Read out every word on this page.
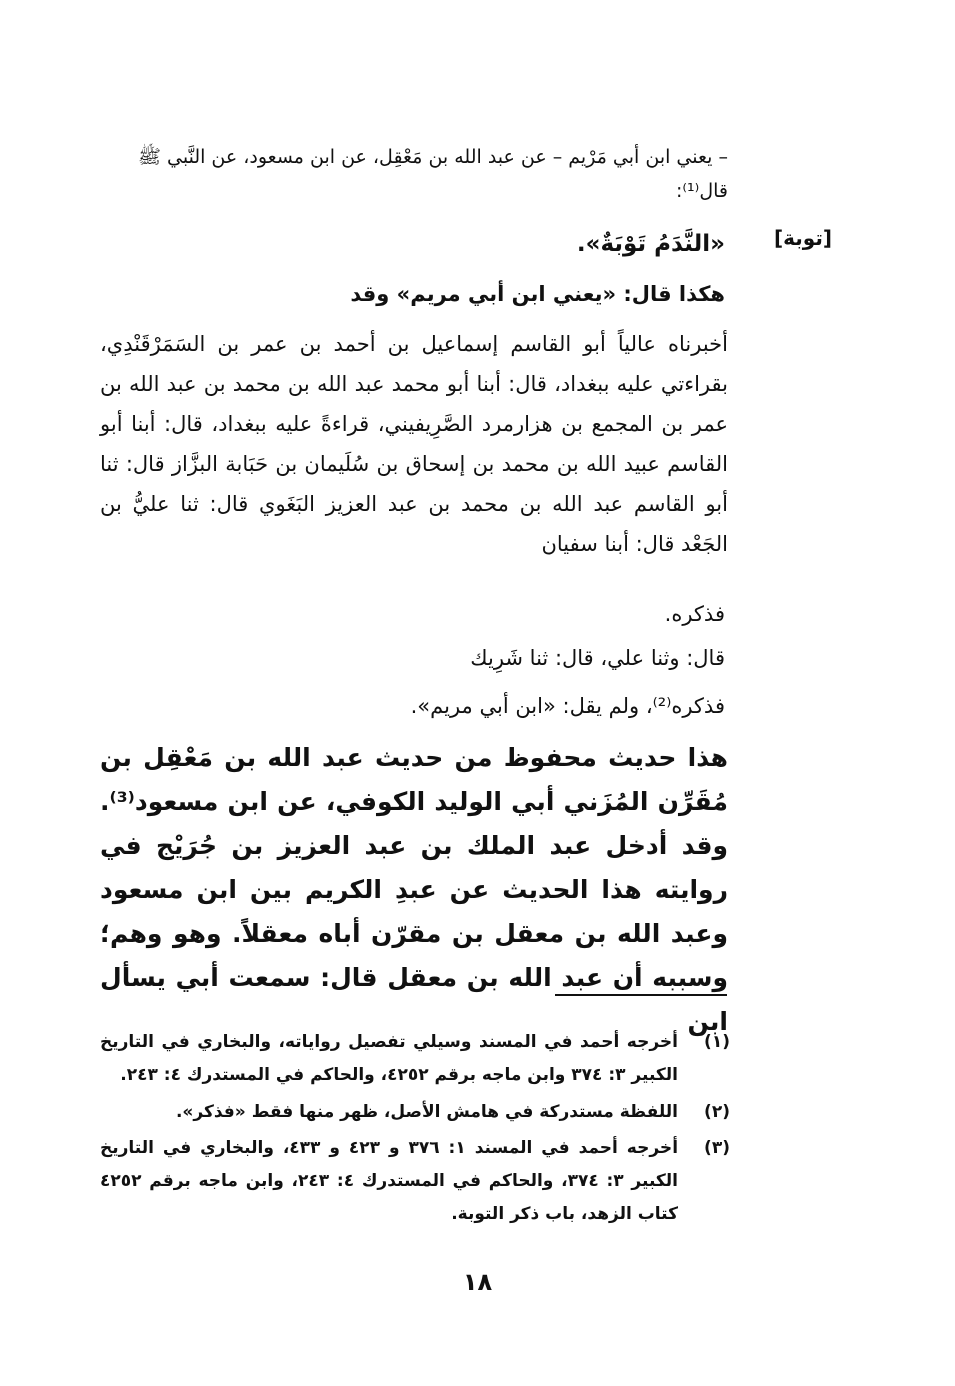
– يعني ابن أبي مَرْيم – عن عبد الله بن مَعْقِل، عن ابن مسعود، عن النَّبي ﷺ
قال⁽¹⁾:
[توبة]
«النَّدَمُ تَوْبَةٌ».
هكذا قال: «يعني ابن أبي مريم» وقد
أخبرناه عالياً أبو القاسم إسماعيل بن أحمد بن عمر بن السَمَرْقَنْدِي، بقراءتي عليه ببغداد، قال: أبنا أبو محمد عبد الله بن محمد بن عبد الله بن عمر بن المجمع بن هزارمرد الصَّرِيفيني، قراءةً عليه ببغداد، قال: أبنا أبو القاسم عبيد الله بن محمد بن إسحاق بن سُلَيمان بن حَبَابة البزَّاز قال: ثنا أبو القاسم عبد الله بن محمد بن عبد العزيز البَغَوي قال: ثنا عليُّ بن الجَعْد قال: أبنا سفيان
فذكره.
قال: وثنا علي، قال: ثنا شَرِيك
فذكره⁽²⁾، ولم يقل: «ابن أبي مريم».
هذا حديث محفوظ من حديث عبد الله بن مَعْقِل بن مُقَرِّن المُزَني أبي الوليد الكوفي، عن ابن مسعود⁽³⁾. وقد أدخل عبد الملك بن عبد العزيز بن جُرَيْج في روايته هذا الحديث عن عبدِ الكريم بين ابن مسعود وعبد الله بن معقل بن مقرّن أباه معقلاً. وهو وهم؛ وسببه أن عبد الله بن معقل قال: سمعت أبي يسأل ابن
(١)
أخرجه أحمد في المسند وسيلي تفصيل رواياته، والبخاري في التاريخ الكبير ٣: ٣٧٤ وابن ماجه برقم ٤٢٥٢، والحاكم في المستدرك ٤: ٢٤٣.
(٢)
اللفظة مستدركة في هامش الأصل، ظهر منها فقط «فذكر».
(٣)
أخرجه أحمد في المسند ١: ٣٧٦ و ٤٢٣ و ٤٣٣، والبخاري في التاريخ الكبير ٣: ٣٧٤، والحاكم في المستدرك ٤: ٢٤٣، وابن ماجه برقم ٤٢٥٢ كتاب الزهد، باب ذكر التوبة.
١٨
